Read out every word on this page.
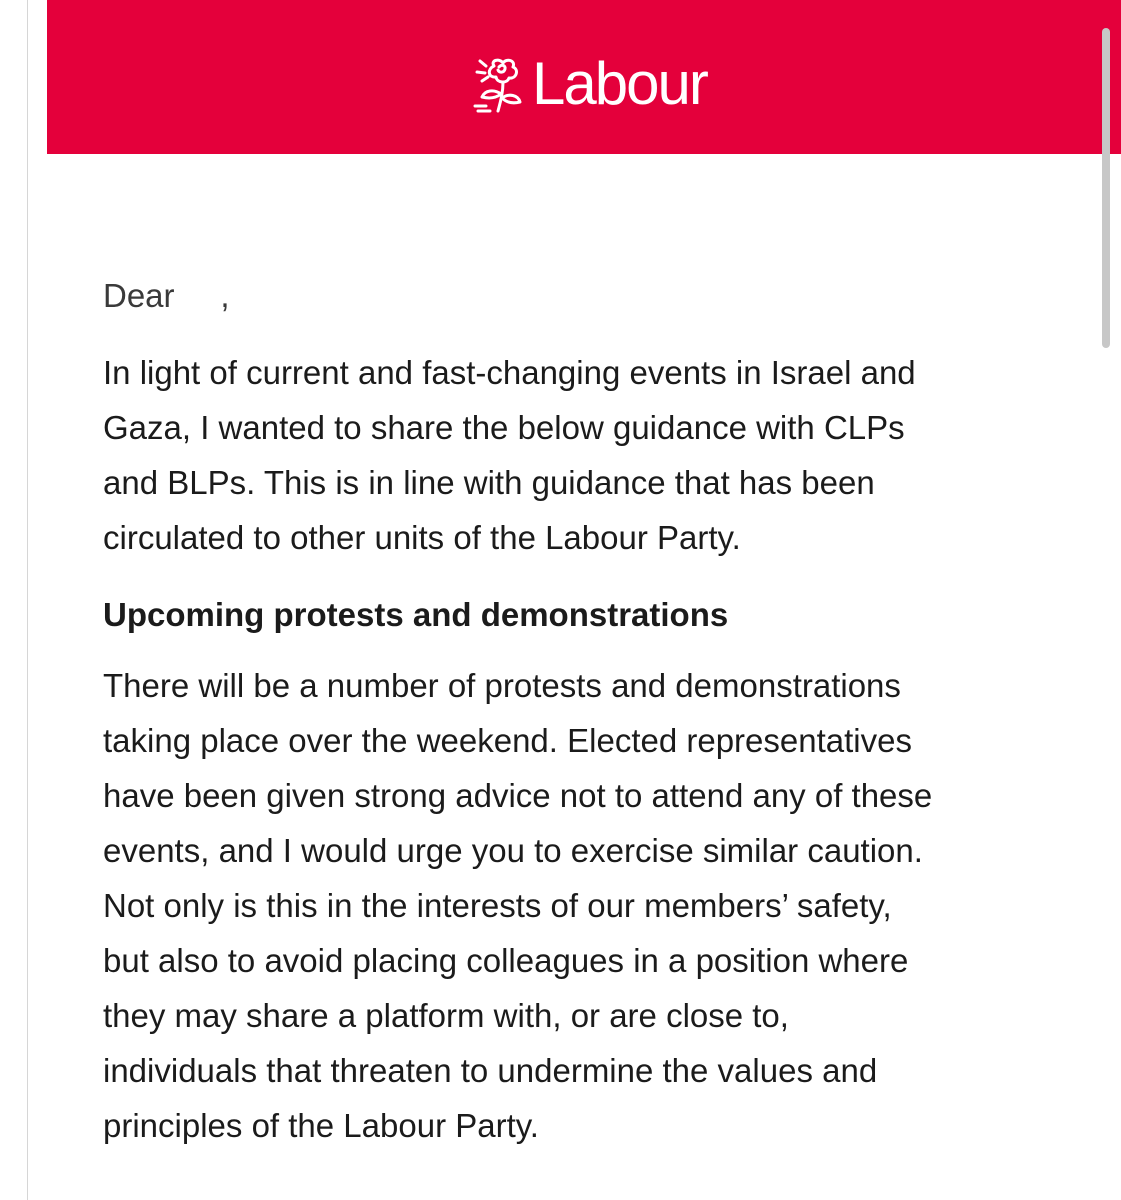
Labour

Dear     ,

In light of current and fast-changing events in Israel and
Gaza, I wanted to share the below guidance with CLPs
and BLPs. This is in line with guidance that has been
circulated to other units of the Labour Party.

Upcoming protests and demonstrations

There will be a number of protests and demonstrations
taking place over the weekend. Elected representatives
have been given strong advice not to attend any of these
events, and I would urge you to exercise similar caution.
Not only is this in the interests of our members’ safety,
but also to avoid placing colleagues in a position where
they may share a platform with, or are close to,
individuals that threaten to undermine the values and
principles of the Labour Party.
